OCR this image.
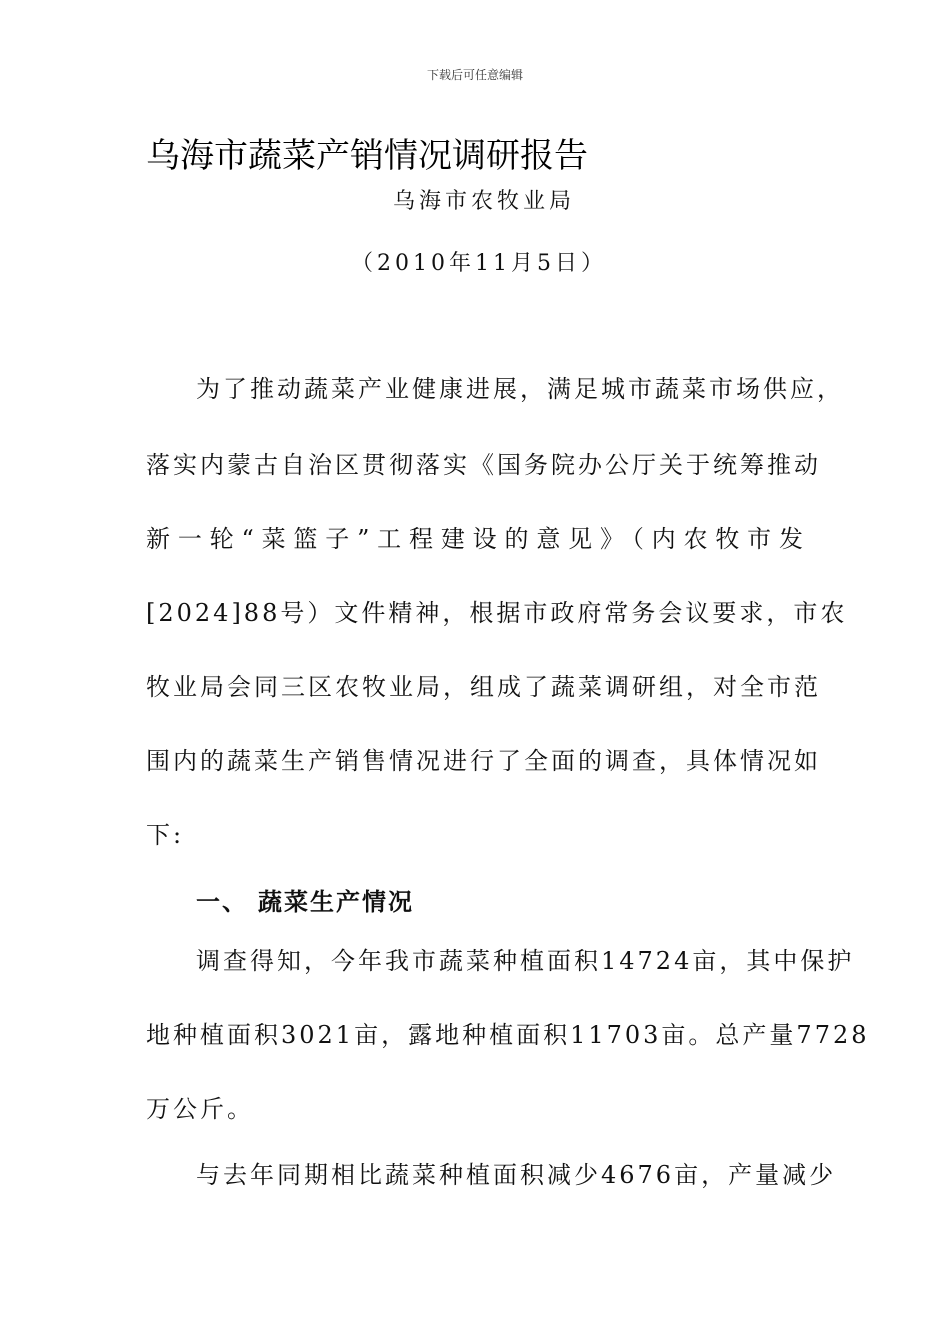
下载后可任意编辑
乌海市蔬菜产销情况调研报告
乌海市农牧业局
（2010年11月5日）
为了推动蔬菜产业健康进展，满足城市蔬菜市场供应，
落实内蒙古自治区贯彻落实《国务院办公厅关于统筹推动
新一轮“菜篮子”工程建设的意见》（内农牧市发
[2024]88号）文件精神，根据市政府常务会议要求，市农
牧业局会同三区农牧业局，组成了蔬菜调研组，对全市范
围内的蔬菜生产销售情况进行了全面的调查，具体情况如
下:
一、 蔬菜生产情况
调查得知，今年我市蔬菜种植面积14724亩，其中保护
地种植面积3021亩，露地种植面积11703亩。总产量7728
万公斤。
与去年同期相比蔬菜种植面积减少4676亩，产量减少
